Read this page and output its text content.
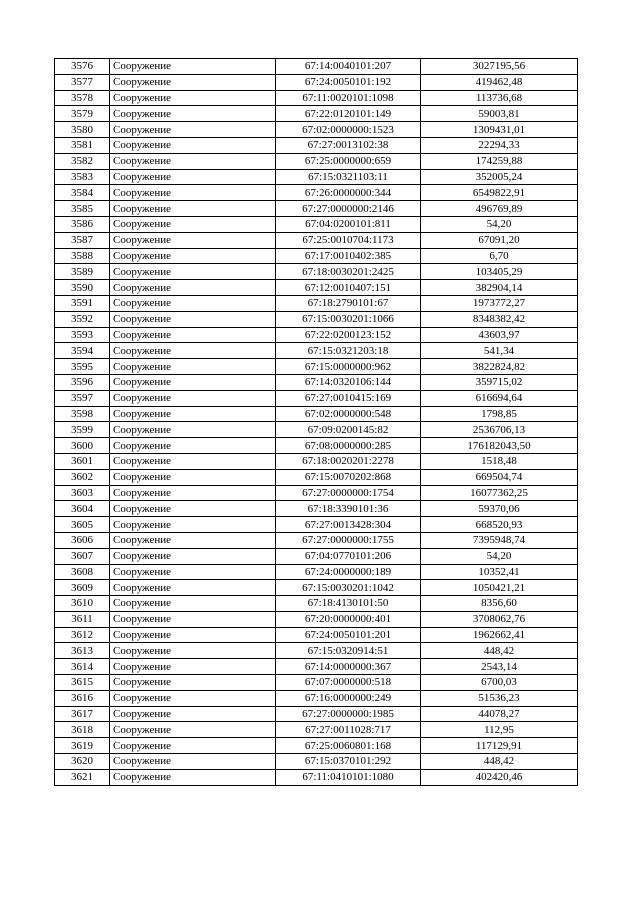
3576	Сооружение	67:14:0040101:207	3027195,56
3577	Сооружение	67:24:0050101:192	419462,48
3578	Сооружение	67:11:0020101:1098	113736,68
3579	Сооружение	67:22:0120101:149	59003,81
3580	Сооружение	67:02:0000000:1523	1309431,01
3581	Сооружение	67:27:0013102:38	22294,33
3582	Сооружение	67:25:0000000:659	174259,88
3583	Сооружение	67:15:0321103:11	352005,24
3584	Сооружение	67:26:0000000:344	6549822,91
3585	Сооружение	67:27:0000000:2146	496769,89
3586	Сооружение	67:04:0200101:811	54,20
3587	Сооружение	67:25:0010704:1173	67091,20
3588	Сооружение	67:17:0010402:385	6,70
3589	Сооружение	67:18:0030201:2425	103405,29
3590	Сооружение	67:12:0010407:151	382904,14
3591	Сооружение	67:18:2790101:67	1973772,27
3592	Сооружение	67:15:0030201:1066	8348382,42
3593	Сооружение	67:22:0200123:152	43603,97
3594	Сооружение	67:15:0321203:18	541,34
3595	Сооружение	67:15:0000000:962	3822824,82
3596	Сооружение	67:14:0320106:144	359715,02
3597	Сооружение	67:27:0010415:169	616694,64
3598	Сооружение	67:02:0000000:548	1798,85
3599	Сооружение	67:09:0200145:82	2536706,13
3600	Сооружение	67:08:0000000:285	176182043,50
3601	Сооружение	67:18:0020201:2278	1518,48
3602	Сооружение	67:15:0070202:868	669504,74
3603	Сооружение	67:27:0000000:1754	16077362,25
3604	Сооружение	67:18:3390101:36	59370,06
3605	Сооружение	67:27:0013428:304	668520,93
3606	Сооружение	67:27:0000000:1755	7395948,74
3607	Сооружение	67:04:0770101:206	54,20
3608	Сооружение	67:24:0000000:189	10352,41
3609	Сооружение	67:15:0030201:1042	1050421,21
3610	Сооружение	67:18:4130101:50	8356,60
3611	Сооружение	67:20:0000000:401	3708062,76
3612	Сооружение	67:24:0050101:201	1962662,41
3613	Сооружение	67:15:0320914:51	448,42
3614	Сооружение	67:14:0000000:367	2543,14
3615	Сооружение	67:07:0000000:518	6700,03
3616	Сооружение	67:16:0000000:249	51536,23
3617	Сооружение	67:27:0000000:1985	44078,27
3618	Сооружение	67:27:0011028:717	112,95
3619	Сооружение	67:25:0060801:168	117129,91
3620	Сооружение	67:15:0370101:292	448,42
3621	Сооружение	67:11:0410101:1080	402420,46
